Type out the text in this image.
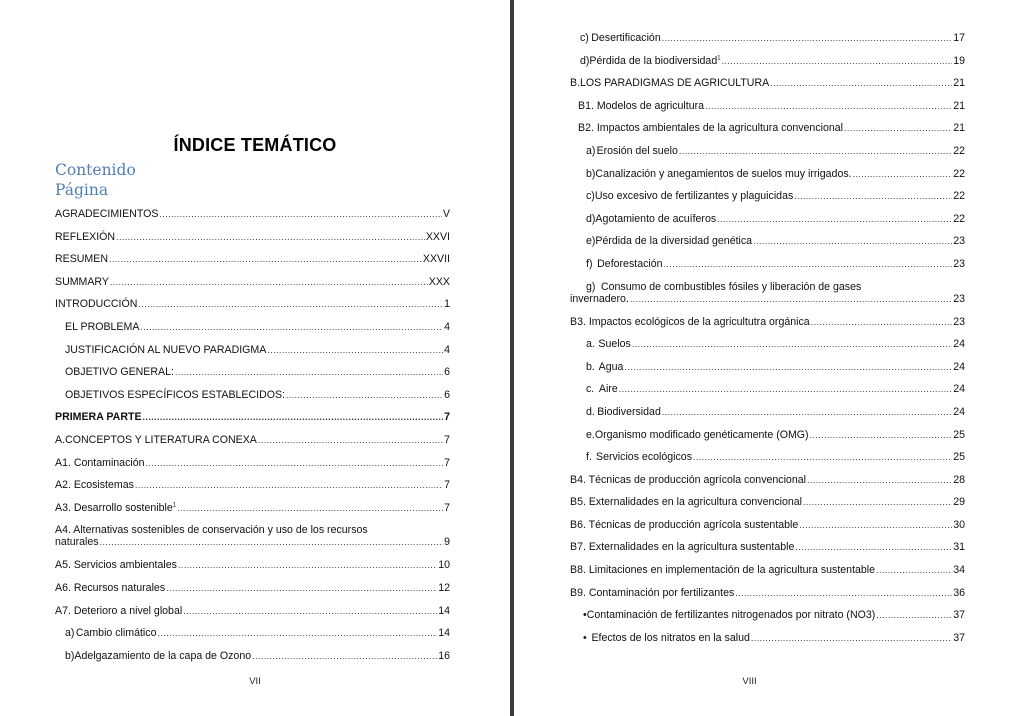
ÍNDICE TEMÁTICO
Contenido
Página
AGRADECIMIENTOS .....	V
REFLEXIÓN .....	XXVI
RESUMEN .....	XXVII
SUMMARY .....	XXX
INTRODUCCIÓN .....	1
EL PROBLEMA .....	4
JUSTIFICACIÓN AL NUEVO PARADIGMA .....	4
OBJETIVO GENERAL: .....	6
OBJETIVOS ESPECÍFICOS ESTABLECIDOS: .....	6
PRIMERA PARTE .....	7
A. CONCEPTOS Y LITERATURA CONEXA .....	7
A1. Contaminación .....	7
A2. Ecosistemas .....	7
A3. Desarrollo sostenible$^1$ .....	7
A4. Alternativas sostenibles de conservación y uso de los recursos
naturales .....	9
A5. Servicios ambientales .....	10
A6. Recursos naturales .....	12
A7. Deterioro a nivel global .....	14
a) Cambio climático .....	14
b) Adelgazamiento de la capa de Ozono .....	16
VII
c) Desertificación .....	17
d) Pérdida de la biodiversidad$^1$ .....	19
B. LOS PARADIGMAS DE AGRICULTURA .....	21
B1. Modelos de agricultura .....	21
B2. Impactos ambientales de la agricultura convencional .....	21
a) Erosión del suelo .....	22
b) Canalización y anegamientos de suelos muy irrigados. .....	22
c) Uso excesivo de fertilizantes y plaguicidas .....	22
d) Agotamiento de acuíferos .....	22
e) Pérdida de la diversidad genética .....	23
f) Deforestación .....	23
g) Consumo de combustibles fósiles y liberación de gases
invernadero. .....	23
B3. Impactos ecológicos de la agricultutra orgánica .....	23
a. Suelos .....	24
b. Agua .....	24
c. Aire .....	24
d. Biodiversidad .....	24
e. Organismo modificado genéticamente (OMG) .....	25
f. Servicios ecológicos .....	25
B4. Técnicas de producción agrícola convencional .....	28
B5. Externalidades en la agricultura convencional .....	29
B6. Técnicas de producción agrícola sustentable .....	30
B7. Externalidades en la agricultura sustentable .....	31
B8. Limitaciones en implementación de la agricultura sustentable .....	34
B9. Contaminación por fertilizantes .....	36
• Contaminación de fertilizantes nitrogenados por nitrato (NO3) .....	37
• Efectos de los nitratos en la salud .....	37
VIII
